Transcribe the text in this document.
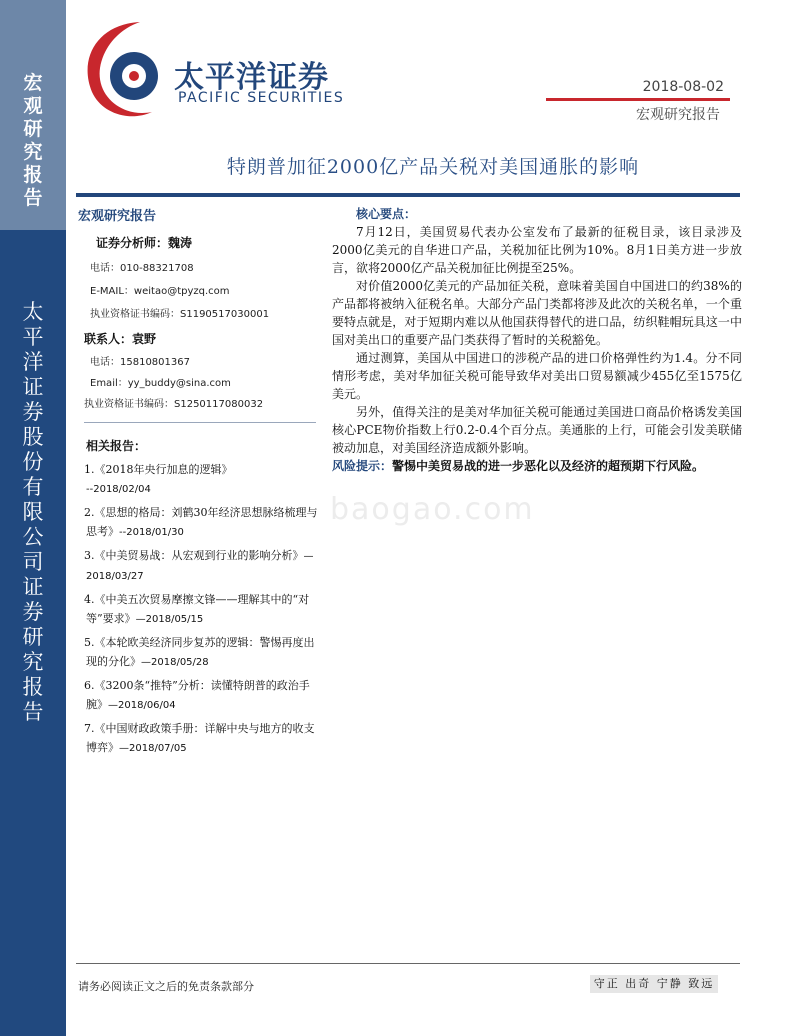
宏观研究报告
太平洋证券股份有限公司证券研究报告
太平洋证券
PACIFIC SECURITIES
2018-08-02
宏观研究报告
特朗普加征2000亿产品关税对美国通胀的影响

宏观研究报告

证券分析师：魏涛
电话：010-88321708
E-MAIL：weitao@tpyzq.com
执业资格证书编码：S1190517030001
联系人：袁野
电话：15810801367
Email：yy_buddy@sina.com
执业资格证书编码：S1250117080032
相关报告：
1.《2018年央行加息的逻辑》
--2018/02/04
2.《思想的格局：刘鹤30年经济思想脉络梳理与思考》--2018/01/30
3.《中美贸易战：从宏观到行业的影响分析》—2018/03/27
4.《中美五次贸易摩擦文锋——理解其中的“对等”要求》—2018/05/15
5.《本轮欧美经济同步复苏的逻辑：警惕再度出现的分化》—2018/05/28
6.《3200条“推特”分析：读懂特朗普的政治手腕》—2018/06/04
7.《中国财政政策手册：详解中央与地方的收支博弈》—2018/07/05
核心要点：

7月12日，美国贸易代表办公室发布了最新的征税目录，该目录涉及2000亿美元的自华进口产品，关税加征比例为10%。8月1日美方进一步放言，欲将2000亿产品关税加征比例提至25%。

对价值2000亿美元的产品加征关税，意味着美国自中国进口的约38%的产品都将被纳入征税名单。大部分产品门类都将涉及此次的关税名单，一个重要特点就是，对于短期内难以从他国获得替代的进口品，纺织鞋帽玩具这一中国对美出口的重要产品门类获得了暂时的关税豁免。

通过测算，美国从中国进口的涉税产品的进口价格弹性约为1.4。分不同情形考虑，美对华加征关税可能导致华对美出口贸易额减少455亿至1575亿美元。

另外，值得关注的是美对华加征关税可能通过美国进口商品价格诱发美国核心PCE物价指数上行0.2-0.4个百分点。美通胀的上行，可能会引发美联储被动加息，对美国经济造成额外影响。

风险提示：警惕中美贸易战的进一步恶化以及经济的超预期下行风险。

baogao.com
请务必阅读正文之后的免责条款部分	守正 出奇 宁静 致远
